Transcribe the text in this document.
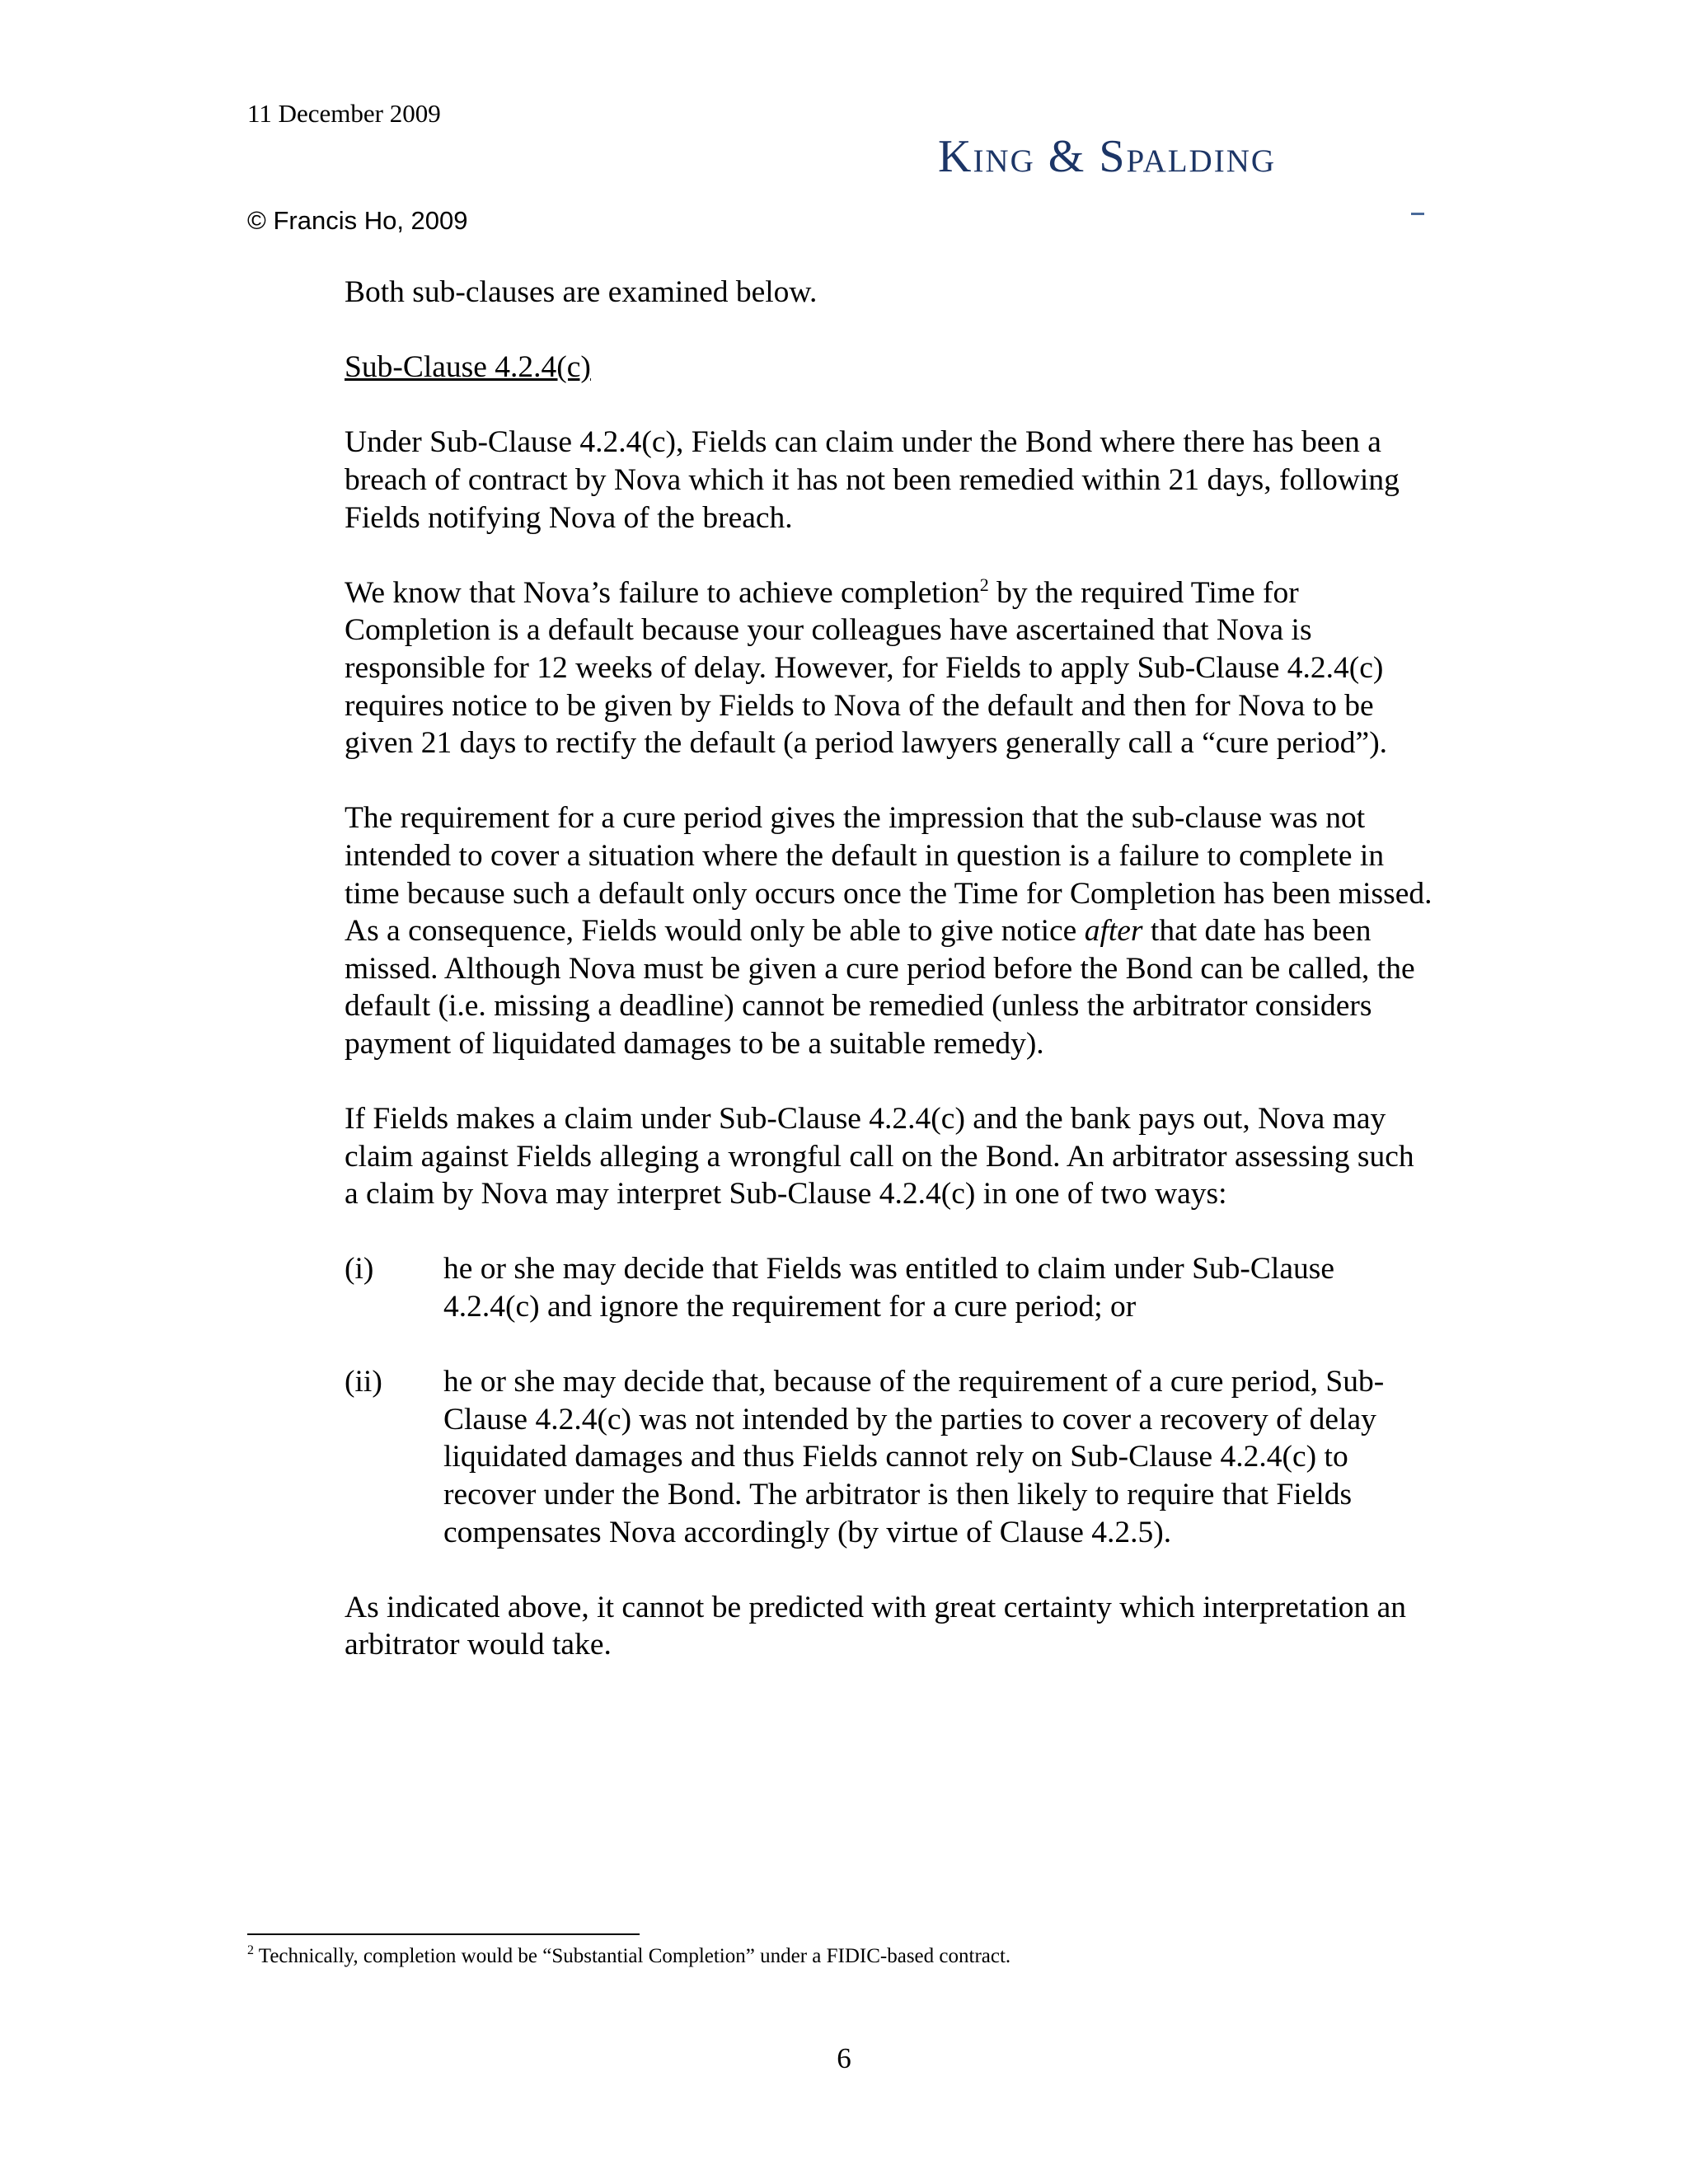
11 December 2009
King & Spalding
© Francis Ho, 2009

Both sub-clauses are examined below.

Sub-Clause 4.2.4(c)

Under Sub-Clause 4.2.4(c), Fields can claim under the Bond where there has been a breach of contract by Nova which it has not been remedied within 21 days, following Fields notifying Nova of the breach.

We know that Nova’s failure to achieve completion$^2$ by the required Time for Completion is a default because your colleagues have ascertained that Nova is responsible for 12 weeks of delay. However, for Fields to apply Sub-Clause 4.2.4(c) requires notice to be given by Fields to Nova of the default and then for Nova to be given 21 days to rectify the default (a period lawyers generally call a “cure period”).

The requirement for a cure period gives the impression that the sub-clause was not intended to cover a situation where the default in question is a failure to complete in time because such a default only occurs once the Time for Completion has been missed. As a consequence, Fields would only be able to give notice after that date has been missed. Although Nova must be given a cure period before the Bond can be called, the default (i.e. missing a deadline) cannot be remedied (unless the arbitrator considers payment of liquidated damages to be a suitable remedy).

If Fields makes a claim under Sub-Clause 4.2.4(c) and the bank pays out, Nova may claim against Fields alleging a wrongful call on the Bond. An arbitrator assessing such a claim by Nova may interpret Sub-Clause 4.2.4(c) in one of two ways:

(i)	he or she may decide that Fields was entitled to claim under Sub-Clause 4.2.4(c) and ignore the requirement for a cure period; or
(ii)	he or she may decide that, because of the requirement of a cure period, Sub-Clause 4.2.4(c) was not intended by the parties to cover a recovery of delay liquidated damages and thus Fields cannot rely on Sub-Clause 4.2.4(c) to recover under the Bond. The arbitrator is then likely to require that Fields compensates Nova accordingly (by virtue of Clause 4.2.5).

As indicated above, it cannot be predicted with great certainty which interpretation an arbitrator would take.

$^2$ Technically, completion would be “Substantial Completion” under a FIDIC-based contract.
6
